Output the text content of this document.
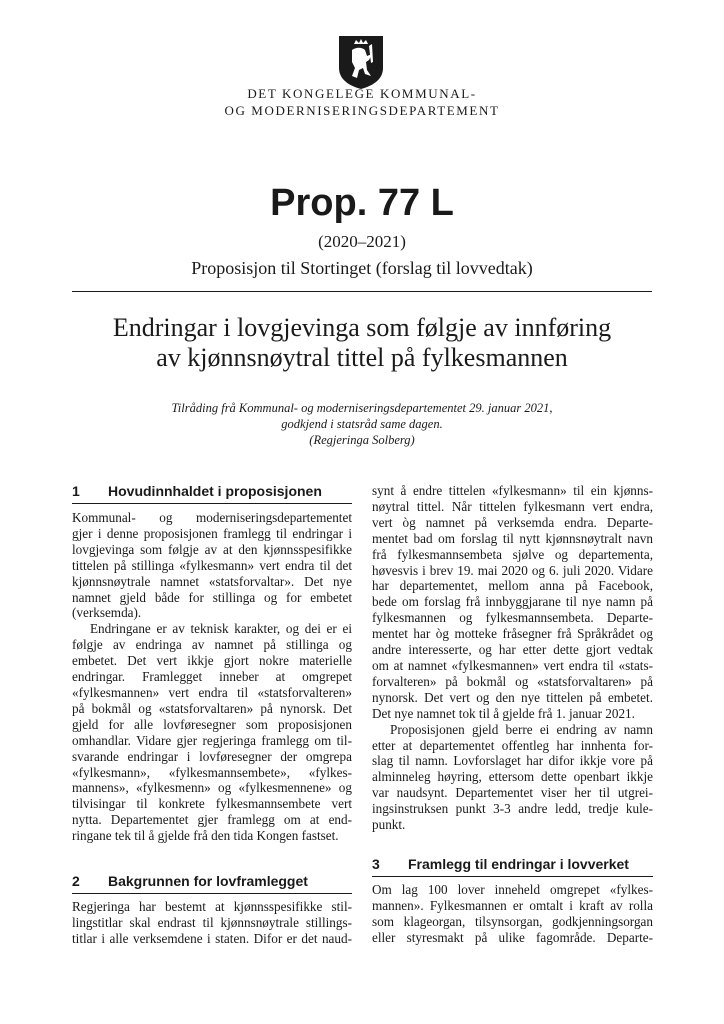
DET KONGELEGE KOMMUNAL-
OG MODERNISERINGSDEPARTEMENT
Prop. 77 L
(2020–2021)
Proposisjon til Stortinget (forslag til lovvedtak)
Endringar i lovgjevinga som følgje av innføring
av kjønnsnøytral tittel på fylkesmannen
Tilråding frå Kommunal- og moderniseringsdepartementet 29. januar 2021,
godkjend i statsråd same dagen.
(Regjeringa Solberg)
1 Hovudinnhaldet i proposisjonen
Kommunal- og moderniseringsdepartementet
gjer i denne proposisjonen framlegg til endringar i
lovgjevinga som følgje av at den kjønnsspesifikke
tittelen på stillinga «fylkesmann» vert endra til det
kjønnsnøytrale namnet «statsforvaltar». Det nye
namnet gjeld både for stillinga og for embetet
(verksemda).
Endringane er av teknisk karakter, og dei er ei
følgje av endringa av namnet på stillinga og
embetet. Det vert ikkje gjort nokre materielle
endringar. Framlegget inneber at omgrepet
«fylkesmannen» vert endra til «statsforvalteren»
på bokmål og «statsforvaltaren» på nynorsk. Det
gjeld for alle lovføresegner som proposisjonen
omhandlar. Vidare gjer regjeringa framlegg om til-
svarande endringar i lovføresegner der omgrepa
«fylkesmann», «fylkesmannsembete», «fylkes-
mannens», «fylkesmenn» og «fylkesmennene» og
tilvisingar til konkrete fylkesmannsembete vert
nytta. Departementet gjer framlegg om at end-
ringane tek til å gjelde frå den tida Kongen fastset.
2 Bakgrunnen for lovframlegget
Regjeringa har bestemt at kjønnsspesifikke stil-
lingstitlar skal endrast til kjønnsnøytrale stillings-
titlar i alle verksemdene i staten. Difor er det naud-
synt å endre tittelen «fylkesmann» til ein kjønns-
nøytral tittel. Når tittelen fylkesmann vert endra,
vert òg namnet på verksemda endra. Departe-
mentet bad om forslag til nytt kjønnsnøytralt navn
frå fylkesmannsembeta sjølve og departementa,
høvesvis i brev 19. mai 2020 og 6. juli 2020. Vidare
har departementet, mellom anna på Facebook,
bede om forslag frå innbyggjarane til nye namn på
fylkesmannen og fylkesmannsembeta. Departe-
mentet har òg motteke fråsegner frå Språkrådet og
andre interesserte, og har etter dette gjort vedtak
om at namnet «fylkesmannen» vert endra til «stats-
forvalteren» på bokmål og «statsforvaltaren» på
nynorsk. Det vert og den nye tittelen på embetet.
Det nye namnet tok til å gjelde frå 1. januar 2021.
Proposisjonen gjeld berre ei endring av namn
etter at departementet offentleg har innhenta for-
slag til namn. Lovforslaget har difor ikkje vore på
alminneleg høyring, ettersom dette openbart ikkje
var naudsynt. Departementet viser her til utgrei-
ingsinstruksen punkt 3-3 andre ledd, tredje kule-
punkt.
3 Framlegg til endringar i lovverket
Om lag 100 lover inneheld omgrepet «fylkes-
mannen». Fylkesmannen er omtalt i kraft av rolla
som klageorgan, tilsynsorgan, godkjenningsorgan
eller styresmakt på ulike fagområde. Departe-
